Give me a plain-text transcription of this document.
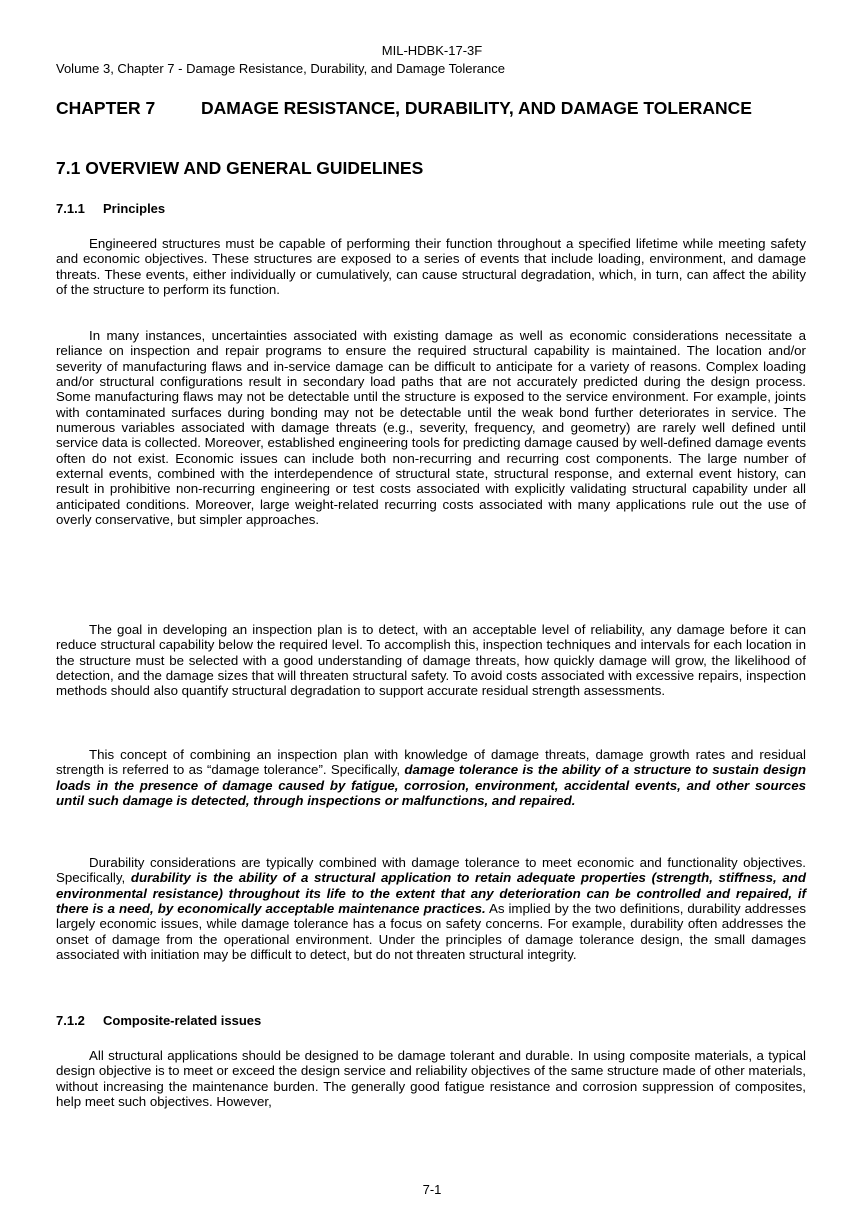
MIL-HDBK-17-3F
Volume 3, Chapter 7 - Damage Resistance, Durability, and Damage Tolerance
CHAPTER 7	DAMAGE RESISTANCE, DURABILITY, AND DAMAGE TOLERANCE
7.1 OVERVIEW AND GENERAL GUIDELINES
7.1.1 Principles

Engineered structures must be capable of performing their function throughout a specified lifetime while meeting safety and economic objectives. These structures are exposed to a series of events that include loading, environment, and damage threats. These events, either individually or cumulatively, can cause structural degradation, which, in turn, can affect the ability of the structure to perform its function.

In many instances, uncertainties associated with existing damage as well as economic considerations necessitate a reliance on inspection and repair programs to ensure the required structural capability is maintained. The location and/or severity of manufacturing flaws and in-service damage can be difficult to anticipate for a variety of reasons. Complex loading and/or structural configurations result in secondary load paths that are not accurately predicted during the design process. Some manufacturing flaws may not be detectable until the structure is exposed to the service environment. For example, joints with contaminated surfaces during bonding may not be detectable until the weak bond further deteriorates in service. The numerous variables associated with damage threats (e.g., severity, frequency, and geometry) are rarely well defined until service data is collected. Moreover, established engineering tools for predicting damage caused by well-defined damage events often do not exist. Economic issues can include both non-recurring and recurring cost components. The large number of external events, combined with the interdependence of structural state, structural response, and external event history, can result in prohibitive non-recurring engineering or test costs associated with explicitly validating structural capability under all anticipated conditions. Moreover, large weight-related recurring costs associated with many applications rule out the use of overly conservative, but simpler approaches.

The goal in developing an inspection plan is to detect, with an acceptable level of reliability, any damage before it can reduce structural capability below the required level. To accomplish this, inspection techniques and intervals for each location in the structure must be selected with a good understanding of damage threats, how quickly damage will grow, the likelihood of detection, and the damage sizes that will threaten structural safety. To avoid costs associated with excessive repairs, inspection methods should also quantify structural degradation to support accurate residual strength assessments.

This concept of combining an inspection plan with knowledge of damage threats, damage growth rates and residual strength is referred to as “damage tolerance”. Specifically, damage tolerance is the ability of a structure to sustain design loads in the presence of damage caused by fatigue, corrosion, environment, accidental events, and other sources until such damage is detected, through inspections or malfunctions, and repaired.

Durability considerations are typically combined with damage tolerance to meet economic and functionality objectives. Specifically, durability is the ability of a structural application to retain adequate properties (strength, stiffness, and environmental resistance) throughout its life to the extent that any deterioration can be controlled and repaired, if there is a need, by economically acceptable maintenance practices. As implied by the two definitions, durability addresses largely economic issues, while damage tolerance has a focus on safety concerns. For example, durability often addresses the onset of damage from the operational environment. Under the principles of damage tolerance design, the small damages associated with initiation may be difficult to detect, but do not threaten structural integrity.

7.1.2 Composite-related issues

All structural applications should be designed to be damage tolerant and durable. In using composite materials, a typical design objective is to meet or exceed the design service and reliability objectives of the same structure made of other materials, without increasing the maintenance burden. The generally good fatigue resistance and corrosion suppression of composites, help meet such objectives. However,

7-1
